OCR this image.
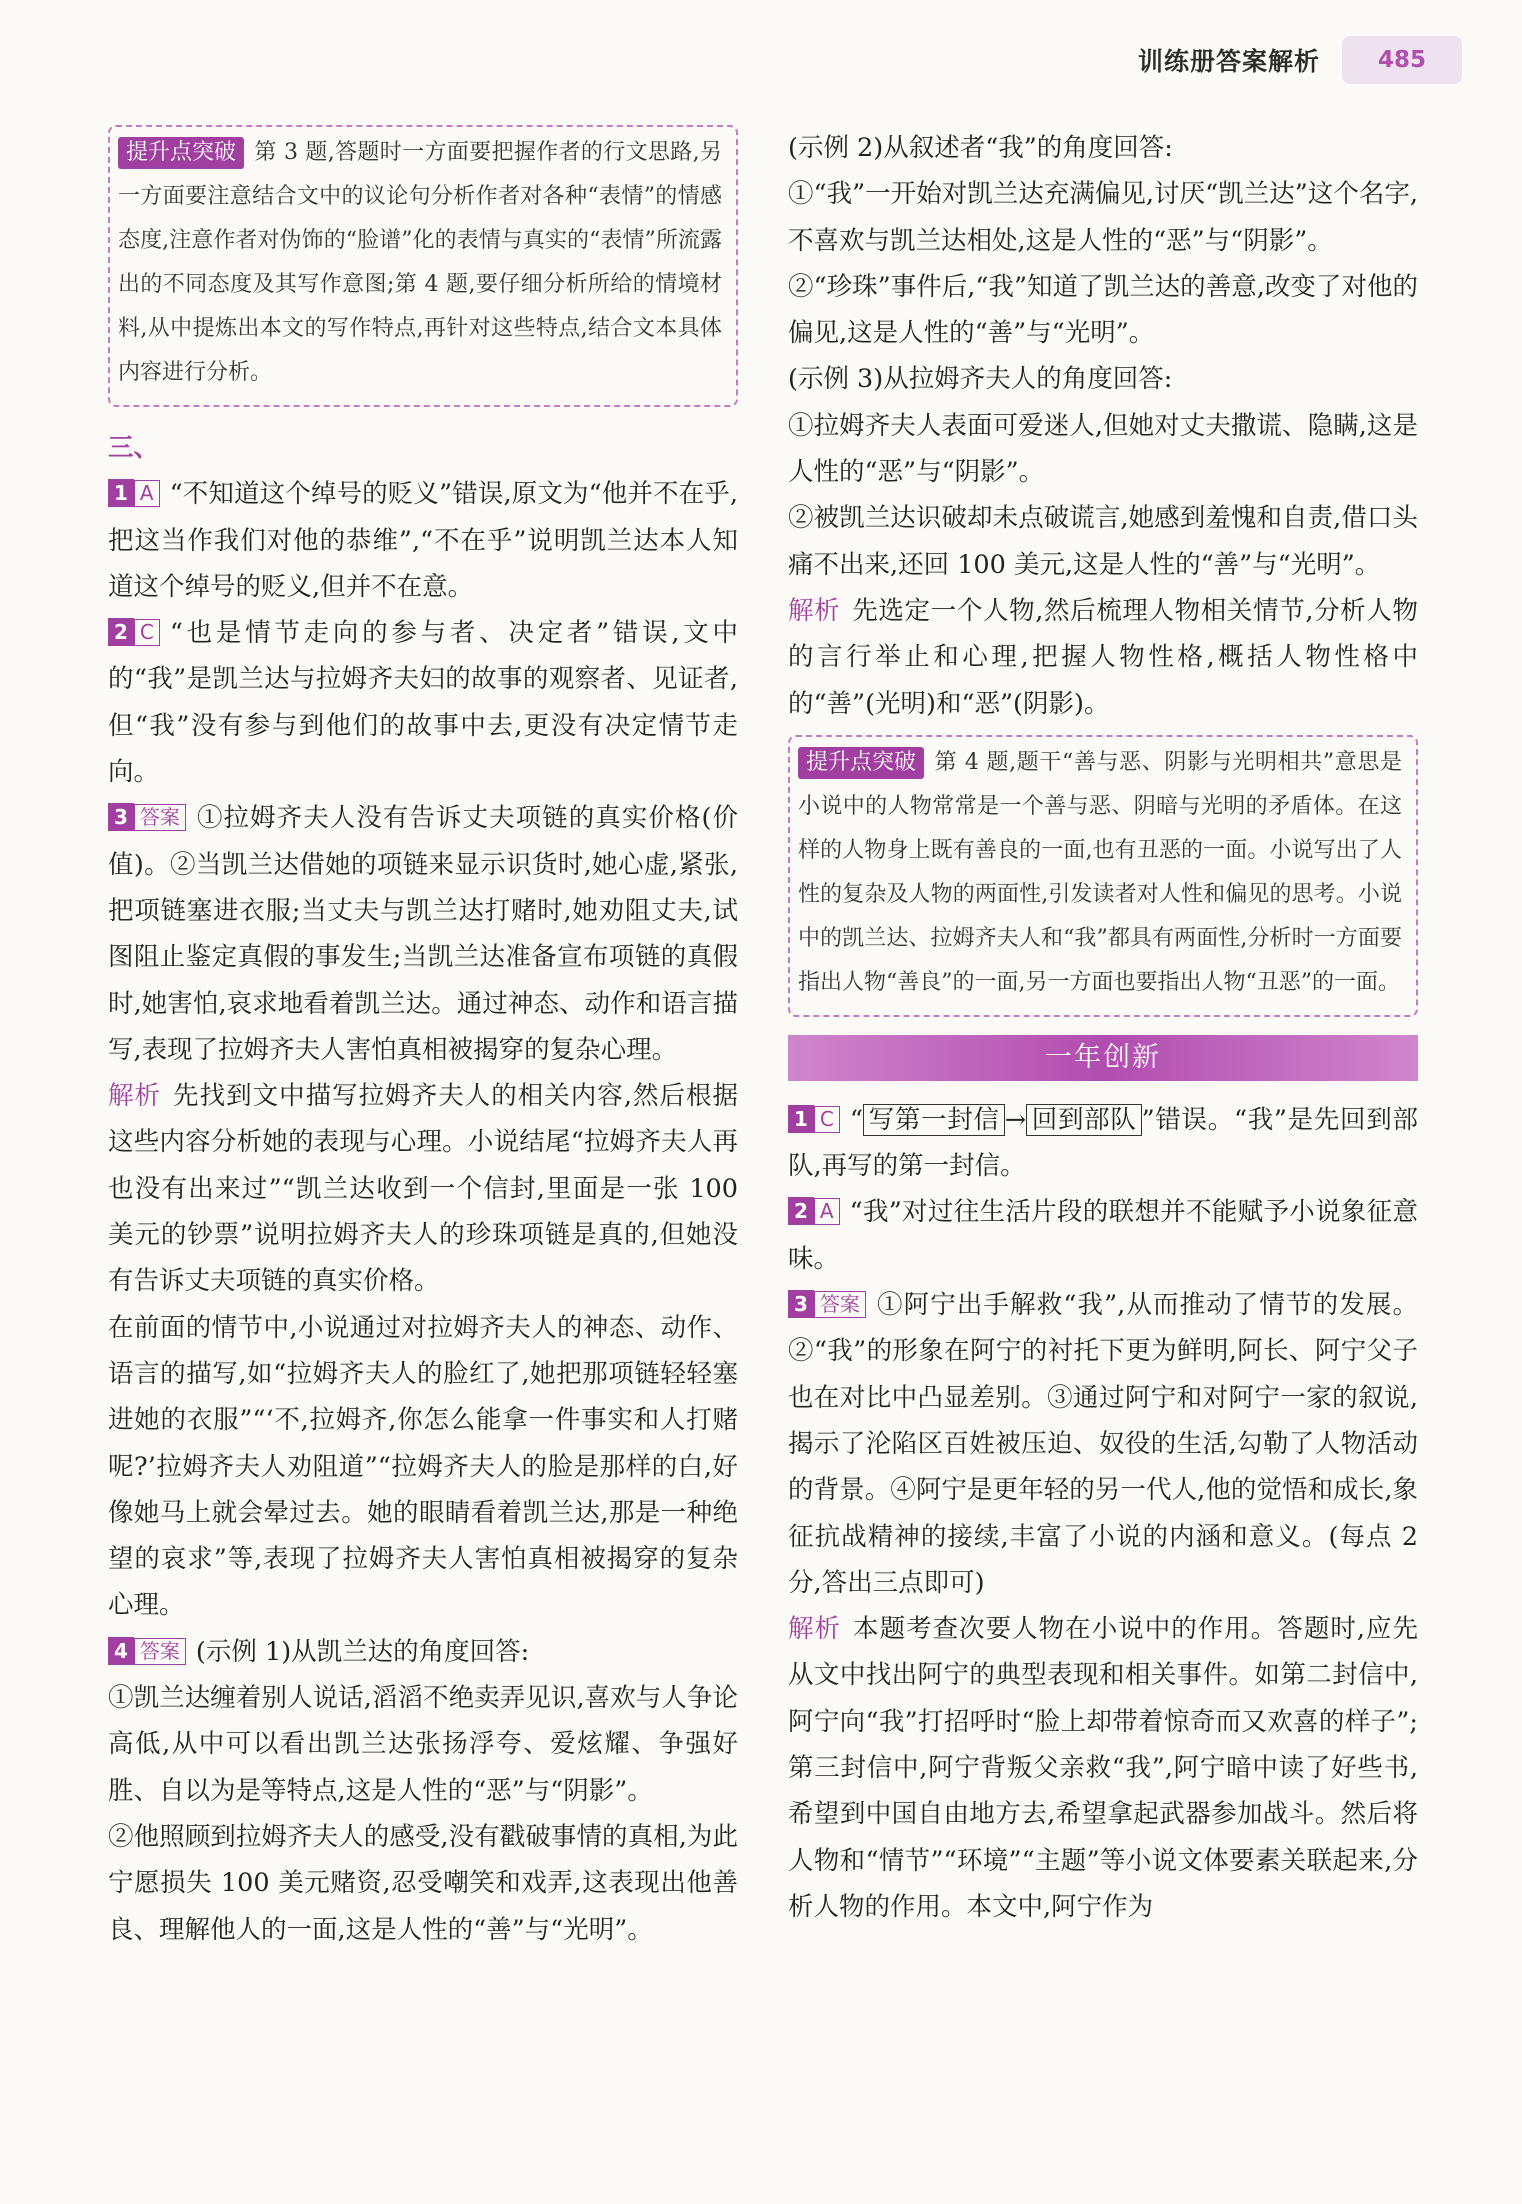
训练册答案解析	485

提升点突破 第 3 题,答题时一方面要把握作者的行文思路,另一方面要注意结合文中的议论句分析作者对各种“表情”的情感态度,注意作者对伪饰的“脸谱”化的表情与真实的“表情”所流露出的不同态度及其写作意图;第 4 题,要仔细分析所给的情境材料,从中提炼出本文的写作特点,再针对这些特点,结合文本具体内容进行分析。

三、

1 A “不知道这个绰号的贬义”错误,原文为“他并不在乎,把这当作我们对他的恭维”,“不在乎”说明凯兰达本人知道这个绰号的贬义,但并不在意。

2 C “也是情节走向的参与者、决定者”错误,文中的“我”是凯兰达与拉姆齐夫妇的故事的观察者、见证者,但“我”没有参与到他们的故事中去,更没有决定情节走向。

3 答案 ①拉姆齐夫人没有告诉丈夫项链的真实价格(价值)。②当凯兰达借她的项链来显示识货时,她心虚,紧张,把项链塞进衣服;当丈夫与凯兰达打赌时,她劝阻丈夫,试图阻止鉴定真假的事发生;当凯兰达准备宣布项链的真假时,她害怕,哀求地看着凯兰达。通过神态、动作和语言描写,表现了拉姆齐夫人害怕真相被揭穿的复杂心理。

解析 先找到文中描写拉姆齐夫人的相关内容,然后根据这些内容分析她的表现与心理。小说结尾“拉姆齐夫人再也没有出来过”“凯兰达收到一个信封,里面是一张 100 美元的钞票”说明拉姆齐夫人的珍珠项链是真的,但她没有告诉丈夫项链的真实价格。

在前面的情节中,小说通过对拉姆齐夫人的神态、动作、语言的描写,如“拉姆齐夫人的脸红了,她把那项链轻轻塞进她的衣服”“‘不,拉姆齐,你怎么能拿一件事实和人打赌呢?’拉姆齐夫人劝阻道”“拉姆齐夫人的脸是那样的白,好像她马上就会晕过去。她的眼睛看着凯兰达,那是一种绝望的哀求”等,表现了拉姆齐夫人害怕真相被揭穿的复杂心理。

4 答案 (示例 1)从凯兰达的角度回答:

①凯兰达缠着别人说话,滔滔不绝卖弄见识,喜欢与人争论高低,从中可以看出凯兰达张扬浮夸、爱炫耀、争强好胜、自以为是等特点,这是人性的“恶”与“阴影”。

②他照顾到拉姆齐夫人的感受,没有戳破事情的真相,为此宁愿损失 100 美元赌资,忍受嘲笑和戏弄,这表现出他善良、理解他人的一面,这是人性的“善”与“光明”。

(示例 2)从叙述者“我”的角度回答:

①“我”一开始对凯兰达充满偏见,讨厌“凯兰达”这个名字,不喜欢与凯兰达相处,这是人性的“恶”与“阴影”。

②“珍珠”事件后,“我”知道了凯兰达的善意,改变了对他的偏见,这是人性的“善”与“光明”。

(示例 3)从拉姆齐夫人的角度回答:

①拉姆齐夫人表面可爱迷人,但她对丈夫撒谎、隐瞒,这是人性的“恶”与“阴影”。

②被凯兰达识破却未点破谎言,她感到羞愧和自责,借口头痛不出来,还回 100 美元,这是人性的“善”与“光明”。

解析 先选定一个人物,然后梳理人物相关情节,分析人物的言行举止和心理,把握人物性格,概括人物性格中的“善”(光明)和“恶”(阴影)。

提升点突破 第 4 题,题干“善与恶、阴影与光明相共”意思是小说中的人物常常是一个善与恶、阴暗与光明的矛盾体。在这样的人物身上既有善良的一面,也有丑恶的一面。小说写出了人性的复杂及人物的两面性,引发读者对人性和偏见的思考。小说中的凯兰达、拉姆齐夫人和“我”都具有两面性,分析时一方面要指出人物“善良”的一面,另一方面也要指出人物“丑恶”的一面。

一年创新

1 C “ 写第一封信 → 回到部队 ”错误。“我”是先回到部队,再写的第一封信。

2 A “我”对过往生活片段的联想并不能赋予小说象征意味。

3 答案 ①阿宁出手解救“我”,从而推动了情节的发展。②“我”的形象在阿宁的衬托下更为鲜明,阿长、阿宁父子也在对比中凸显差别。③通过阿宁和对阿宁一家的叙说,揭示了沦陷区百姓被压迫、奴役的生活,勾勒了人物活动的背景。④阿宁是更年轻的另一代人,他的觉悟和成长,象征抗战精神的接续,丰富了小说的内涵和意义。(每点 2 分,答出三点即可)

解析 本题考查次要人物在小说中的作用。答题时,应先从文中找出阿宁的典型表现和相关事件。如第二封信中,阿宁向“我”打招呼时“脸上却带着惊奇而又欢喜的样子”;第三封信中,阿宁背叛父亲救“我”,阿宁暗中读了好些书,希望到中国自由地方去,希望拿起武器参加战斗。然后将人物和“情节”“环境”“主题”等小说文体要素关联起来,分析人物的作用。本文中,阿宁作为
